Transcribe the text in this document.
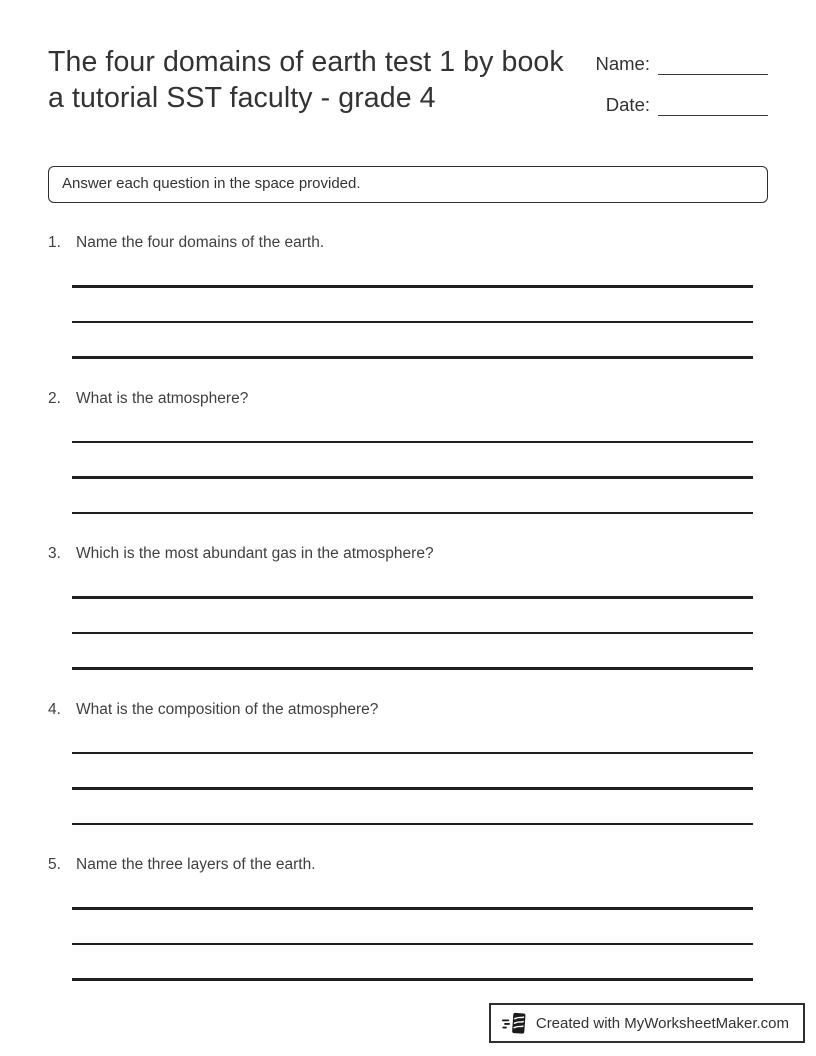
The four domains of earth test 1 by book a tutorial SST faculty - grade 4
Name:
Date:
Answer each question in the space provided.
1. Name the four domains of the earth.
2. What is the atmosphere?
3. Which is the most abundant gas in the atmosphere?
4. What is the composition of the atmosphere?
5. Name the three layers of the earth.
Created with MyWorksheetMaker.com
